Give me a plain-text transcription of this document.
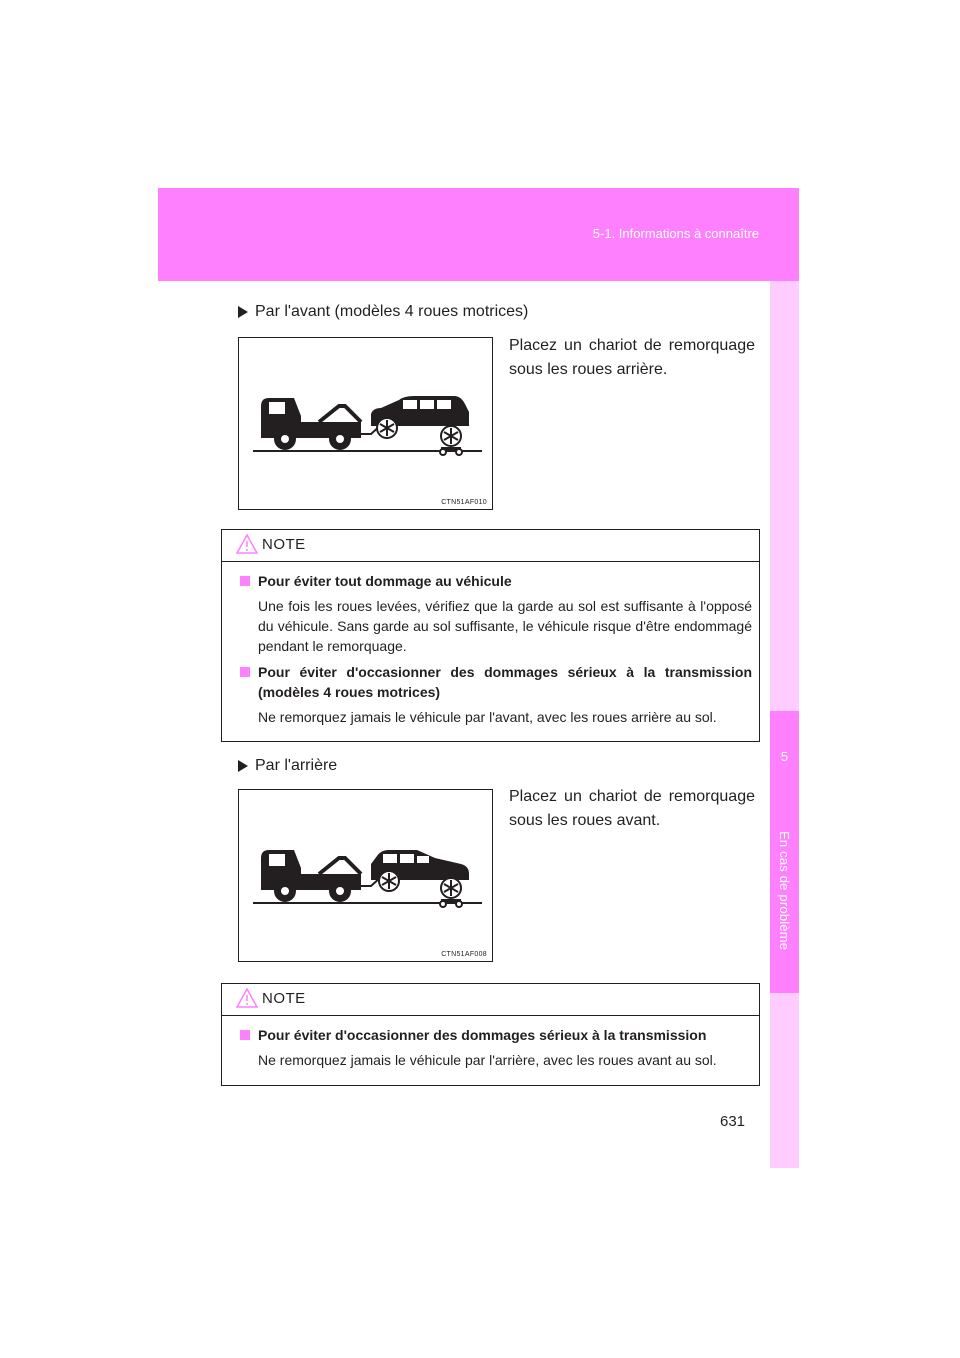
5-1. Informations à connaître
5
En cas de problème
Par l'avant (modèles 4 roues motrices)
CTN51AF010
Placez un chariot de remorquage sous les roues arrière.
NOTE
Pour éviter tout dommage au véhicule
Une fois les roues levées, vérifiez que la garde au sol est suffisante à l'opposé du véhicule. Sans garde au sol suffisante, le véhicule risque d'être endommagé pendant le remorquage.
Pour éviter d'occasionner des dommages sérieux à la transmission (modèles 4 roues motrices)
Ne remorquez jamais le véhicule par l'avant, avec les roues arrière au sol.
Par l'arrière
CTN51AF008
Placez un chariot de remorquage sous les roues avant.
NOTE
Pour éviter d'occasionner des dommages sérieux à la transmission
Ne remorquez jamais le véhicule par l'arrière, avec les roues avant au sol.
631
